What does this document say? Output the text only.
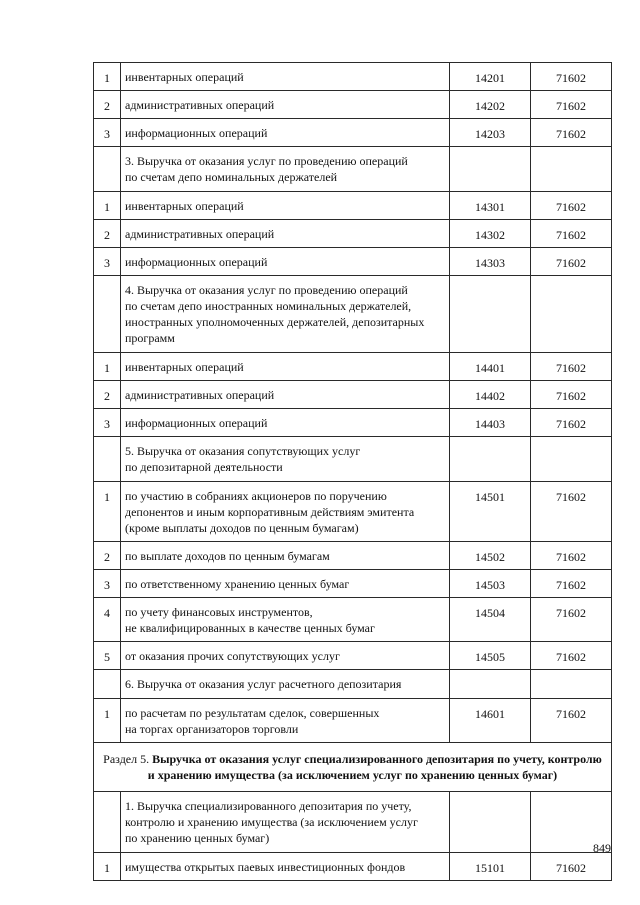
1	инвентарных операций	14201	71602
2	административных операций	14202	71602
3	информационных операций	14203	71602

	3. Выручка от оказания услуг по проведению операций
по счетам депо номинальных держателей		

1	инвентарных операций	14301	71602
2	административных операций	14302	71602
3	информационных операций	14303	71602

	4. Выручка от оказания услуг по проведению операций
по счетам депо иностранных номинальных держателей,
иностранных уполномоченных держателей, депозитарных
программ		

1	инвентарных операций	14401	71602
2	административных операций	14402	71602
3	информационных операций	14403	71602

	5. Выручка от оказания сопутствующих услуг
по депозитарной деятельности		

1	по участию в собраниях акционеров по поручению
депонентов и иным корпоративным действиям эмитента
(кроме выплаты доходов по ценным бумагам)	14501	71602
2	по выплате доходов по ценным бумагам	14502	71602
3	по ответственному хранению ценных бумаг	14503	71602
4	по учету финансовых инструментов,
не квалифицированных в качестве ценных бумаг	14504	71602
5	от оказания прочих сопутствующих услуг	14505	71602

	6. Выручка от оказания услуг расчетного депозитария		

1	по расчетам по результатам сделок, совершенных
на торгах организаторов торговли	14601	71602
Раздел 5. Выручка от оказания услуг специализированного депозитария по учету, контролю и хранению имущества (за исключением услуг по хранению ценных бумаг)			

	1. Выручка специализированного депозитария по учету,
контролю и хранению имущества (за исключением услуг
по хранению ценных бумаг)		

1	имущества открытых паевых инвестиционных фондов	15101	71602
849
